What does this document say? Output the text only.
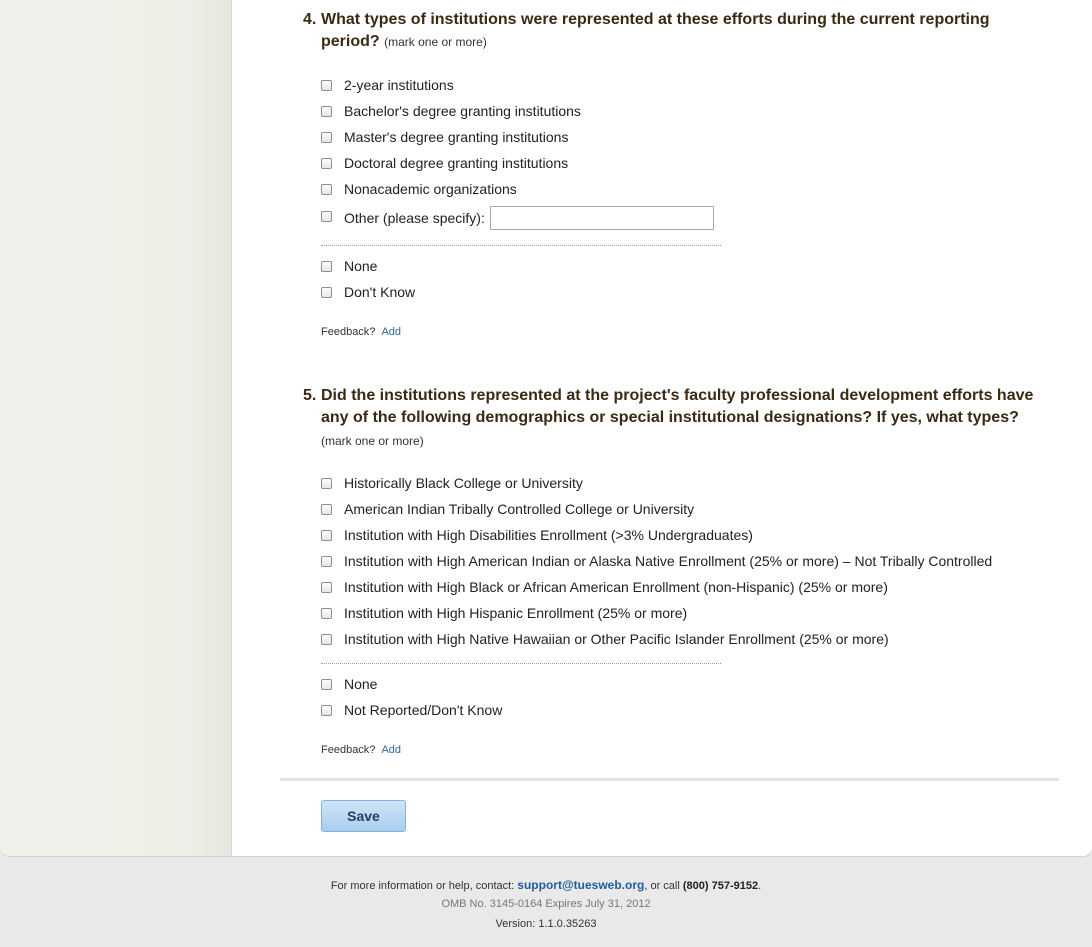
4. What types of institutions were represented at these efforts during the current reporting period? (mark one or more)
2-year institutions
Bachelor's degree granting institutions
Master's degree granting institutions
Doctoral degree granting institutions
Nonacademic organizations
Other (please specify):
None
Don't Know
Feedback? Add
5. Did the institutions represented at the project's faculty professional development efforts have any of the following demographics or special institutional designations? If yes, what types?
(mark one or more)
Historically Black College or University
American Indian Tribally Controlled College or University
Institution with High Disabilities Enrollment (>3% Undergraduates)
Institution with High American Indian or Alaska Native Enrollment (25% or more) – Not Tribally Controlled
Institution with High Black or African American Enrollment (non-Hispanic) (25% or more)
Institution with High Hispanic Enrollment (25% or more)
Institution with High Native Hawaiian or Other Pacific Islander Enrollment (25% or more)
None
Not Reported/Don't Know
Feedback? Add
Save
For more information or help, contact: support@tuesweb.org, or call (800) 757-9152.
OMB No. 3145-0164 Expires July 31, 2012
Version: 1.1.0.35263
